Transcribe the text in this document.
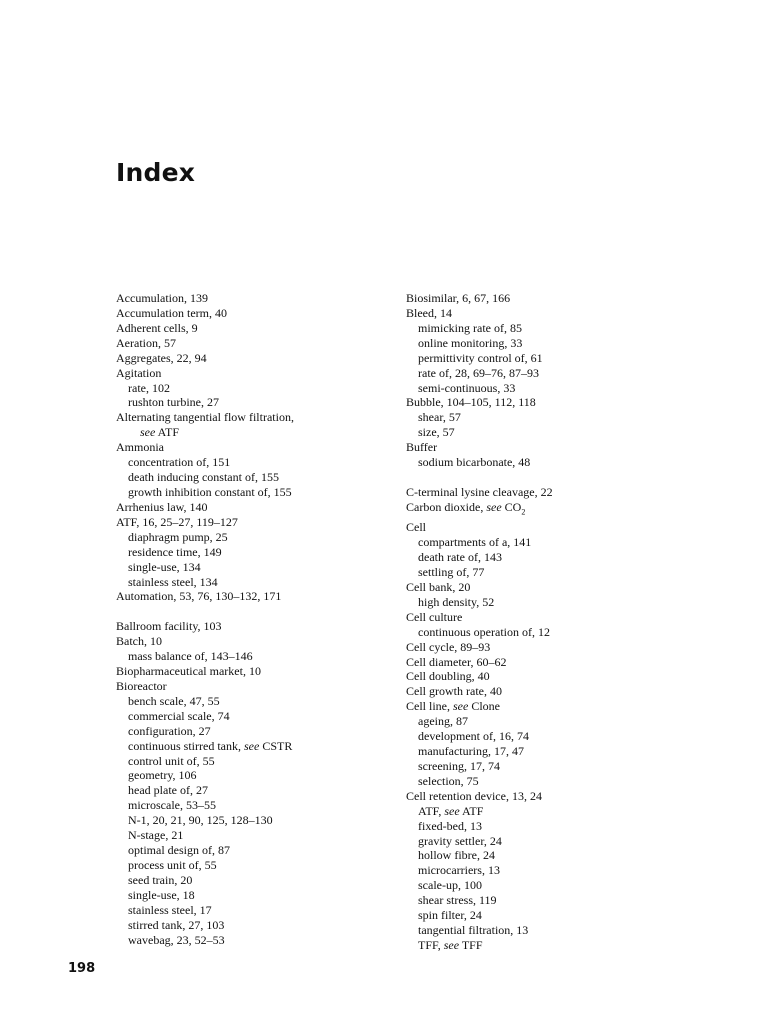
Index
Accumulation, 139
Accumulation term, 40
Adherent cells, 9
Aeration, 57
Aggregates, 22, 94
Agitation
rate, 102
rushton turbine, 27
Alternating tangential flow filtration,
see ATF
Ammonia
concentration of, 151
death inducing constant of, 155
growth inhibition constant of, 155
Arrhenius law, 140
ATF, 16, 25–27, 119–127
diaphragm pump, 25
residence time, 149
single-use, 134
stainless steel, 134
Automation, 53, 76, 130–132, 171
Ballroom facility, 103
Batch, 10
mass balance of, 143–146
Biopharmaceutical market, 10
Bioreactor
bench scale, 47, 55
commercial scale, 74
configuration, 27
continuous stirred tank, see CSTR
control unit of, 55
geometry, 106
head plate of, 27
microscale, 53–55
N-1, 20, 21, 90, 125, 128–130
N-stage, 21
optimal design of, 87
process unit of, 55
seed train, 20
single-use, 18
stainless steel, 17
stirred tank, 27, 103
wavebag, 23, 52–53
Biosimilar, 6, 67, 166
Bleed, 14
mimicking rate of, 85
online monitoring, 33
permittivity control of, 61
rate of, 28, 69–76, 87–93
semi-continuous, 33
Bubble, 104–105, 112, 118
shear, 57
size, 57
Buffer
sodium bicarbonate, 48
C-terminal lysine cleavage, 22
Carbon dioxide, see $CO_2$
Cell
compartments of a, 141
death rate of, 143
settling of, 77
Cell bank, 20
high density, 52
Cell culture
continuous operation of, 12
Cell cycle, 89–93
Cell diameter, 60–62
Cell doubling, 40
Cell growth rate, 40
Cell line, see Clone
ageing, 87
development of, 16, 74
manufacturing, 17, 47
screening, 17, 74
selection, 75
Cell retention device, 13, 24
ATF, see ATF
fixed-bed, 13
gravity settler, 24
hollow fibre, 24
microcarriers, 13
scale-up, 100
shear stress, 119
spin filter, 24
tangential filtration, 13
TFF, see TFF
198
